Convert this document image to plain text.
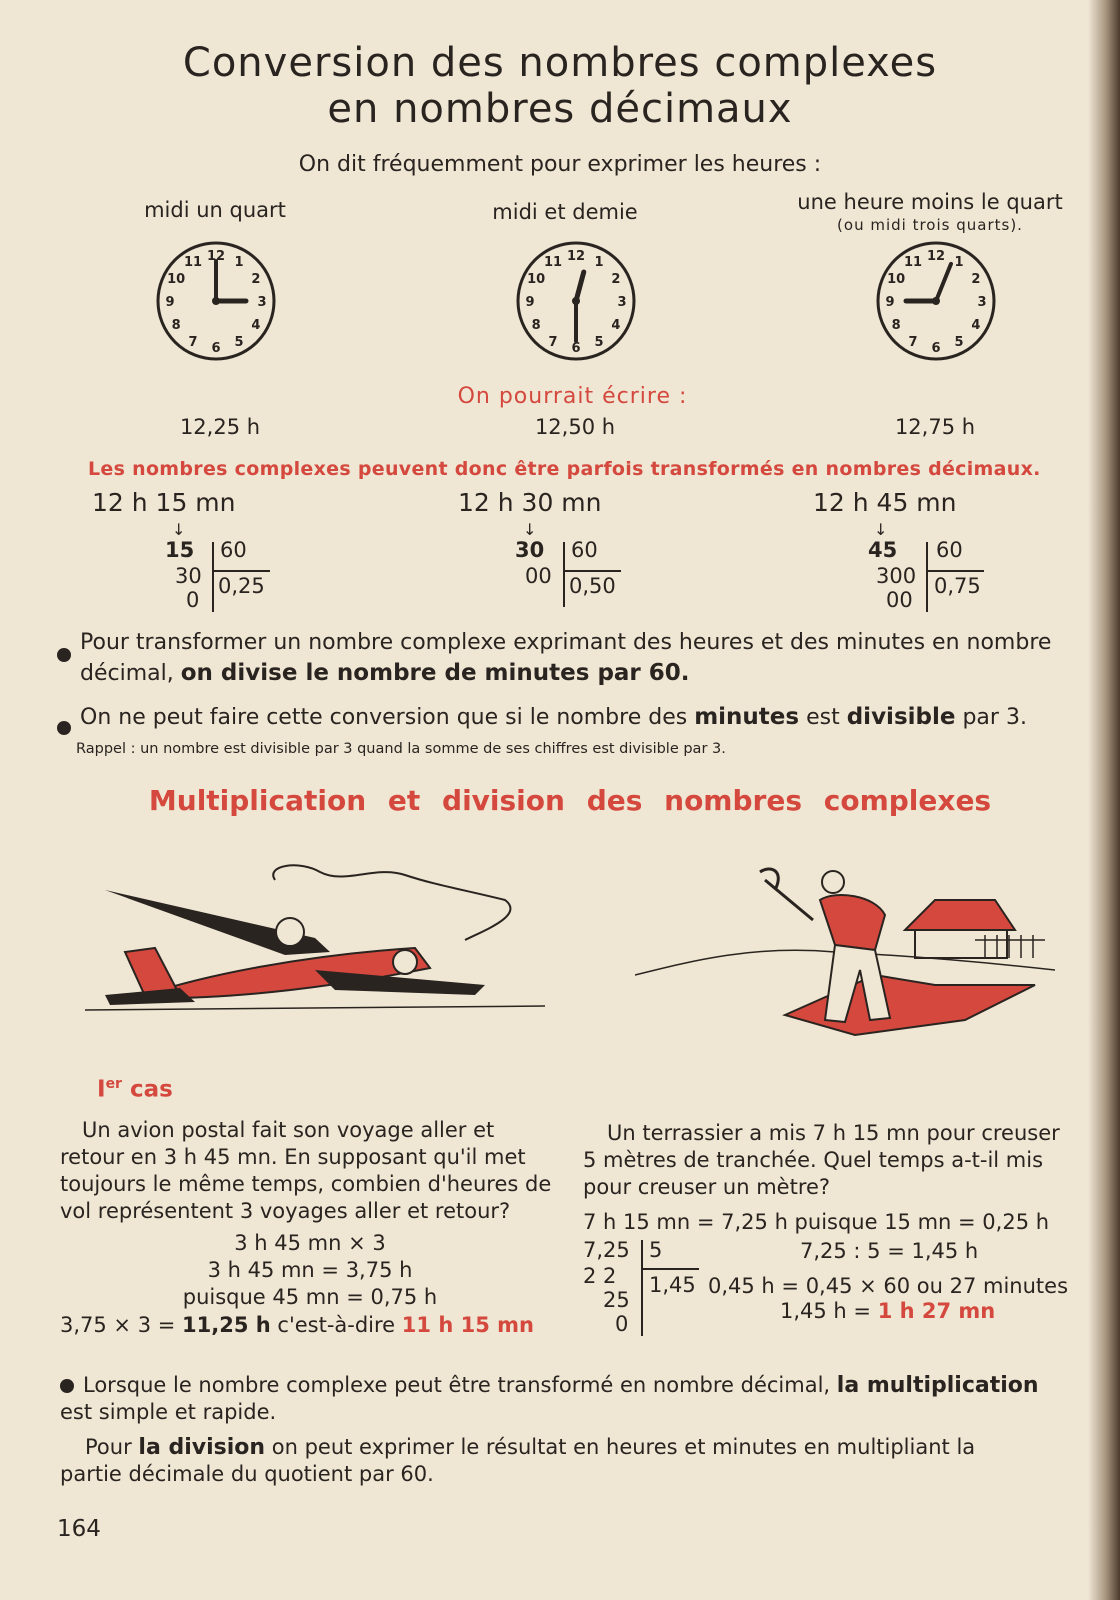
Conversion des nombres complexes
en nombres décimaux
On dit fréquemment pour exprimer les heures :
midi un quart	midi et demie	une heure moins le quart
(ou midi trois quarts).
12 1
2
3
4
5
6
7
8
9
10
11	12 1
2
3
4
5
6
7
8
9
10
11	12 1
2
3
4
5
6
7
8
9
10
11
On pourrait écrire :
12,25 h	12,50 h	12,75 h
Les nombres complexes peuvent donc être parfois transformés en nombres décimaux.
12 h 15 mn	12 h 30 mn	12 h 45 mn
↓
15
30
0
60
0,25
↓
30
00
60
0,50
↓
45
300
00
60
0,75
Pour transformer un nombre complexe exprimant des heures et des minutes en nombre
décimal, on divise le nombre de minutes par 60.
On ne peut faire cette conversion que si le nombre des minutes est divisible par 3.
Rappel : un nombre est divisible par 3 quand la somme de ses chiffres est divisible par 3.
Multiplication et division des nombres complexes
Ier cas
Un avion postal fait son voyage aller et
retour en 3 h 45 mn. En supposant qu'il met
toujours le même temps, combien d'heures de
vol représentent 3 voyages aller et retour?
3 h 45 mn × 3
3 h 45 mn = 3,75 h
puisque 45 mn = 0,75 h
3,75 × 3 = 11,25 h c'est-à-dire 11 h 15 mn
Un terrassier a mis 7 h 15 mn pour creuser
5 mètres de tranchée. Quel temps a-t-il mis
pour creuser un mètre?
7 h 15 mn = 7,25 h puisque 15 mn = 0,25 h
7,25
2 2
25
0
5
1,45
7,25 : 5 = 1,45 h
0,45 h = 0,45 × 60 ou 27 minutes
1,45 h = 1 h 27 mn
Lorsque le nombre complexe peut être transformé en nombre décimal, la multiplication
est simple et rapide.
Pour la division on peut exprimer le résultat en heures et minutes en multipliant la
partie décimale du quotient par 60.
164
